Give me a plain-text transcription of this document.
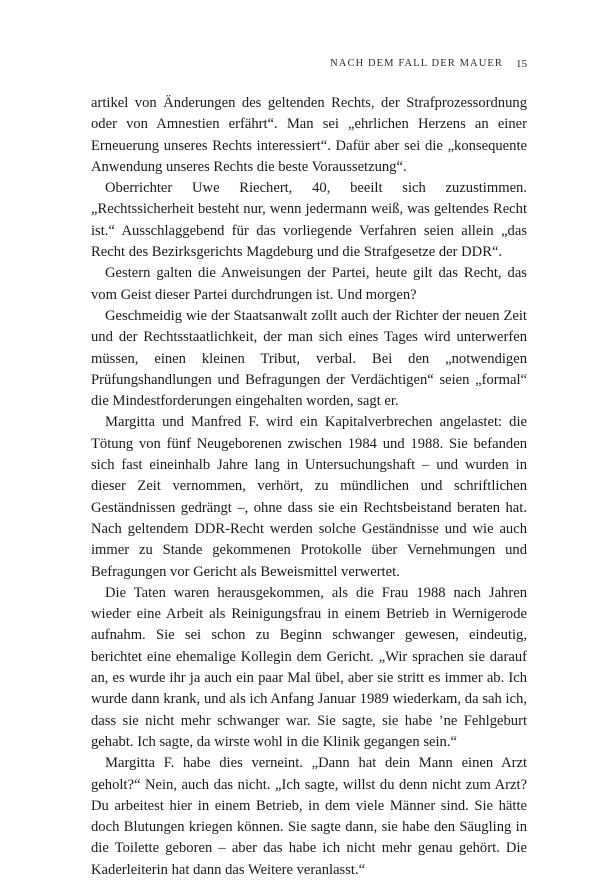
NACH DEM FALL DER MAUER 15

artikel von Änderungen des geltenden Rechts, der Strafprozessordnung oder von Amnestien erfährt“. Man sei „ehrlichen Herzens an einer Erneuerung unseres Rechts interessiert“. Dafür aber sei die „konsequente Anwendung unseres Rechts die beste Voraussetzung“.

Oberrichter Uwe Riechert, 40, beeilt sich zuzustimmen. „Rechtssicherheit besteht nur, wenn jedermann weiß, was geltendes Recht ist.“ Ausschlaggebend für das vorliegende Verfahren seien allein „das Recht des Bezirksgerichts Magdeburg und die Strafgesetze der DDR“.

Gestern galten die Anweisungen der Partei, heute gilt das Recht, das vom Geist dieser Partei durchdrungen ist. Und morgen?

Geschmeidig wie der Staatsanwalt zollt auch der Richter der neuen Zeit und der Rechtsstaatlichkeit, der man sich eines Tages wird unterwerfen müssen, einen kleinen Tribut, verbal. Bei den „notwendigen Prüfungshandlungen und Befragungen der Verdächtigen“ seien „formal“ die Mindestforderungen eingehalten worden, sagt er.

Margitta und Manfred F. wird ein Kapitalverbrechen angelastet: die Tötung von fünf Neugeborenen zwischen 1984 und 1988. Sie befanden sich fast eineinhalb Jahre lang in Untersuchungshaft – und wurden in dieser Zeit vernommen, verhört, zu mündlichen und schriftlichen Geständnissen gedrängt –, ohne dass sie ein Rechtsbeistand beraten hat. Nach geltendem DDR-Recht werden solche Geständnisse und wie auch immer zu Stande gekommenen Protokolle über Vernehmungen und Befragungen vor Gericht als Beweismittel verwertet.

Die Taten waren herausgekommen, als die Frau 1988 nach Jahren wieder eine Arbeit als Reinigungsfrau in einem Betrieb in Wernigerode aufnahm. Sie sei schon zu Beginn schwanger gewesen, eindeutig, berichtet eine ehemalige Kollegin dem Gericht. „Wir sprachen sie darauf an, es wurde ihr ja auch ein paar Mal übel, aber sie stritt es immer ab. Ich wurde dann krank, und als ich Anfang Januar 1989 wiederkam, da sah ich, dass sie nicht mehr schwanger war. Sie sagte, sie habe ’ne Fehlgeburt gehabt. Ich sagte, da wirste wohl in die Klinik gegangen sein.“

Margitta F. habe dies verneint. „Dann hat dein Mann einen Arzt geholt?“ Nein, auch das nicht. „Ich sagte, willst du denn nicht zum Arzt? Du arbeitest hier in einem Betrieb, in dem viele Männer sind. Sie hätte doch Blutungen kriegen können. Sie sagte dann, sie habe den Säugling in die Toilette geboren – aber das habe ich nicht mehr genau gehört. Die Kaderleiterin hat dann das Weitere veranlasst.“
